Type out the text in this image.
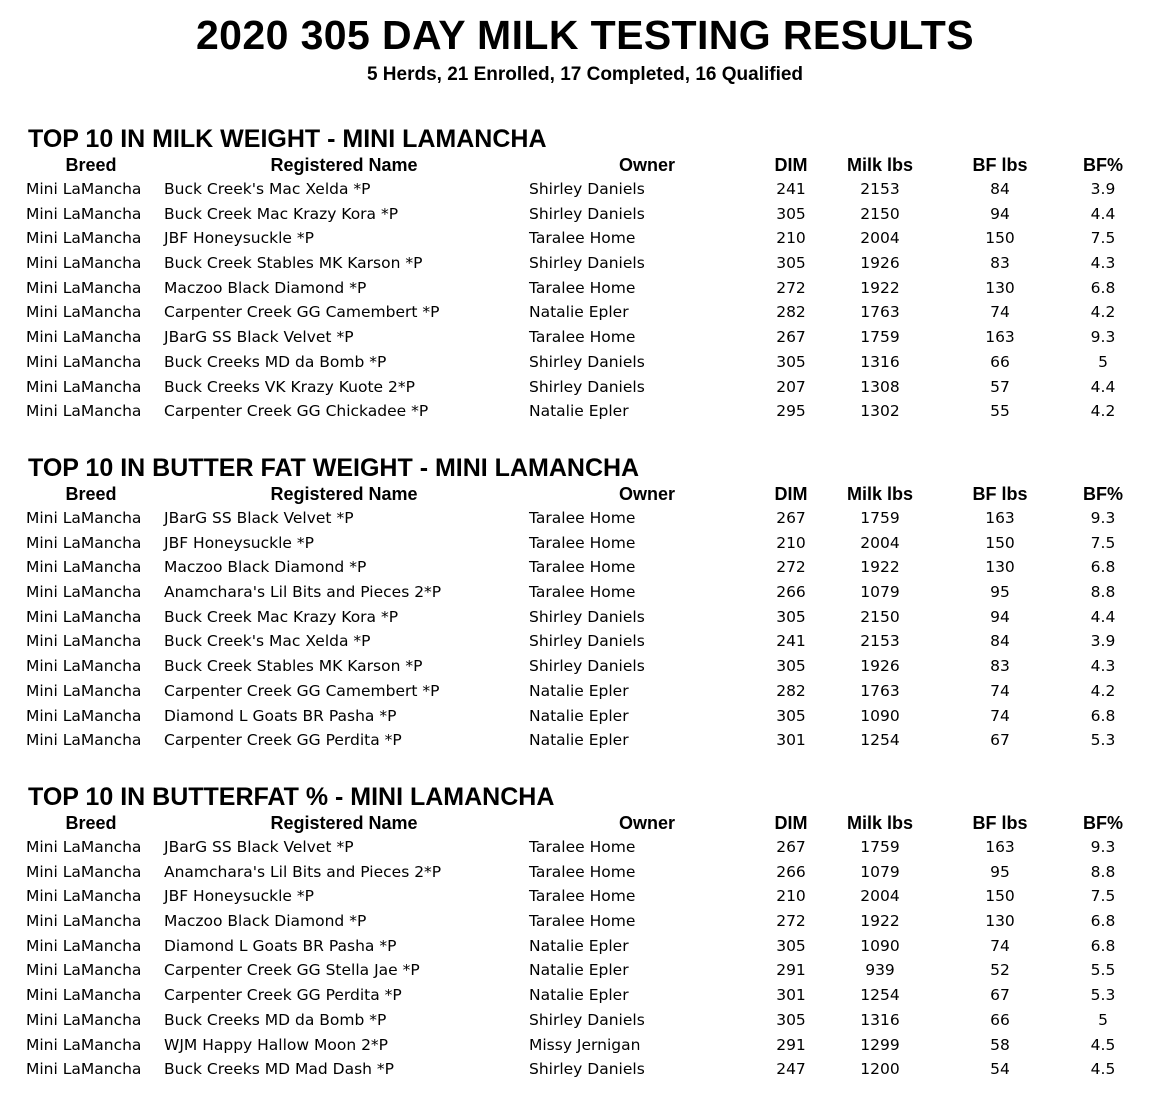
2020 305 DAY MILK TESTING RESULTS
5 Herds, 21 Enrolled, 17 Completed, 16 Qualified
TOP 10 IN MILK WEIGHT - MINI LAMANCHA
Breed	Registered Name	Owner	DIM	Milk lbs	BF lbs	BF%
Mini LaMancha Buck Creek's Mac Xelda *P	Shirley Daniels	241	2153	84	3.9
Mini LaMancha Buck Creek Mac Krazy Kora *P	Shirley Daniels	305	2150	94	4.4
Mini LaMancha JBF Honeysuckle *P	Taralee Home	210	2004	150	7.5
Mini LaMancha Buck Creek Stables MK Karson *P	Shirley Daniels	305	1926	83	4.3
Mini LaMancha Maczoo Black Diamond *P	Taralee Home	272	1922	130	6.8
Mini LaMancha Carpenter Creek GG Camembert *P	Natalie Epler	282	1763	74	4.2
Mini LaMancha JBarG SS Black Velvet *P	Taralee Home	267	1759	163	9.3
Mini LaMancha Buck Creeks MD da Bomb *P	Shirley Daniels	305	1316	66	5
Mini LaMancha Buck Creeks VK Krazy Kuote 2*P	Shirley Daniels	207	1308	57	4.4
Mini LaMancha Carpenter Creek GG Chickadee *P	Natalie Epler	295	1302	55	4.2
TOP 10 IN BUTTER FAT WEIGHT - MINI LAMANCHA
Breed	Registered Name	Owner	DIM	Milk lbs	BF lbs	BF%
Mini LaMancha JBarG SS Black Velvet *P	Taralee Home	267	1759	163	9.3
Mini LaMancha JBF Honeysuckle *P	Taralee Home	210	2004	150	7.5
Mini LaMancha Maczoo Black Diamond *P	Taralee Home	272	1922	130	6.8
Mini LaMancha Anamchara's Lil Bits and Pieces 2*P	Taralee Home	266	1079	95	8.8
Mini LaMancha Buck Creek Mac Krazy Kora *P	Shirley Daniels	305	2150	94	4.4
Mini LaMancha Buck Creek's Mac Xelda *P	Shirley Daniels	241	2153	84	3.9
Mini LaMancha Buck Creek Stables MK Karson *P	Shirley Daniels	305	1926	83	4.3
Mini LaMancha Carpenter Creek GG Camembert *P	Natalie Epler	282	1763	74	4.2
Mini LaMancha Diamond L Goats BR Pasha *P	Natalie Epler	305	1090	74	6.8
Mini LaMancha Carpenter Creek GG Perdita *P	Natalie Epler	301	1254	67	5.3
TOP 10 IN BUTTERFAT % - MINI LAMANCHA
Breed	Registered Name	Owner	DIM	Milk lbs	BF lbs	BF%
Mini LaMancha JBarG SS Black Velvet *P	Taralee Home	267	1759	163	9.3
Mini LaMancha Anamchara's Lil Bits and Pieces 2*P	Taralee Home	266	1079	95	8.8
Mini LaMancha JBF Honeysuckle *P	Taralee Home	210	2004	150	7.5
Mini LaMancha Maczoo Black Diamond *P	Taralee Home	272	1922	130	6.8
Mini LaMancha Diamond L Goats BR Pasha *P	Natalie Epler	305	1090	74	6.8
Mini LaMancha Carpenter Creek GG Stella Jae *P	Natalie Epler	291	939	52	5.5
Mini LaMancha Carpenter Creek GG Perdita *P	Natalie Epler	301	1254	67	5.3
Mini LaMancha Buck Creeks MD da Bomb *P	Shirley Daniels	305	1316	66	5
Mini LaMancha WJM Happy Hallow Moon 2*P	Missy Jernigan	291	1299	58	4.5
Mini LaMancha Buck Creeks MD Mad Dash *P	Shirley Daniels	247	1200	54	4.5
